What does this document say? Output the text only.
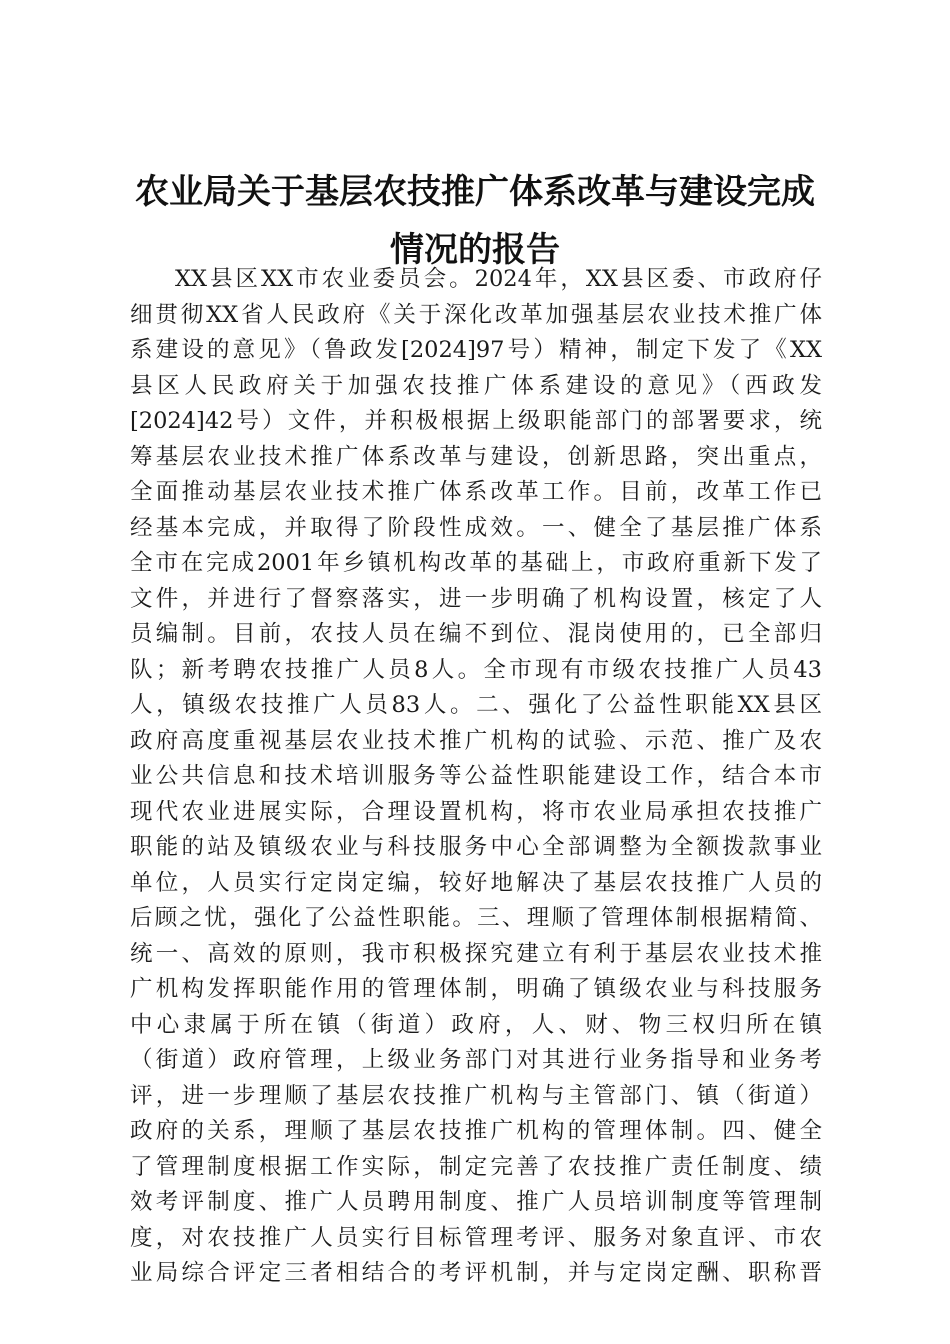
农业局关于基层农技推广体系改革与建设完成
情况的报告
XX县区XX市农业委员会。2024年，XX县区委、市政府仔
细贯彻XX省人民政府《关于深化改革加强基层农业技术推广体
系建设的意见》（鲁政发[2024]97号）精神，制定下发了《XX
县区人民政府关于加强农技推广体系建设的意见》（西政发
[2024]42号）文件，并积极根据上级职能部门的部署要求，统
筹基层农业技术推广体系改革与建设，创新思路，突出重点，
全面推动基层农业技术推广体系改革工作。目前，改革工作已
经基本完成，并取得了阶段性成效。一、健全了基层推广体系
全市在完成2001年乡镇机构改革的基础上，市政府重新下发了
文件，并进行了督察落实，进一步明确了机构设置，核定了人
员编制。目前，农技人员在编不到位、混岗使用的，已全部归
队；新考聘农技推广人员8人。全市现有市级农技推广人员43
人，镇级农技推广人员83人。二、强化了公益性职能XX县区
政府高度重视基层农业技术推广机构的试验、示范、推广及农
业公共信息和技术培训服务等公益性职能建设工作，结合本市
现代农业进展实际，合理设置机构，将市农业局承担农技推广
职能的站及镇级农业与科技服务中心全部调整为全额拨款事业
单位，人员实行定岗定编，较好地解决了基层农技推广人员的
后顾之忧，强化了公益性职能。三、理顺了管理体制根据精简、
统一、高效的原则，我市积极探究建立有利于基层农业技术推
广机构发挥职能作用的管理体制，明确了镇级农业与科技服务
中心隶属于所在镇（街道）政府，人、财、物三权归所在镇
（街道）政府管理，上级业务部门对其进行业务指导和业务考
评，进一步理顺了基层农技推广机构与主管部门、镇（街道）
政府的关系，理顺了基层农技推广机构的管理体制。四、健全
了管理制度根据工作实际，制定完善了农技推广责任制度、绩
效考评制度、推广人员聘用制度、推广人员培训制度等管理制
度，对农技推广人员实行目标管理考评、服务对象直评、市农
业局综合评定三者相结合的考评机制，并与定岗定酬、职称晋
